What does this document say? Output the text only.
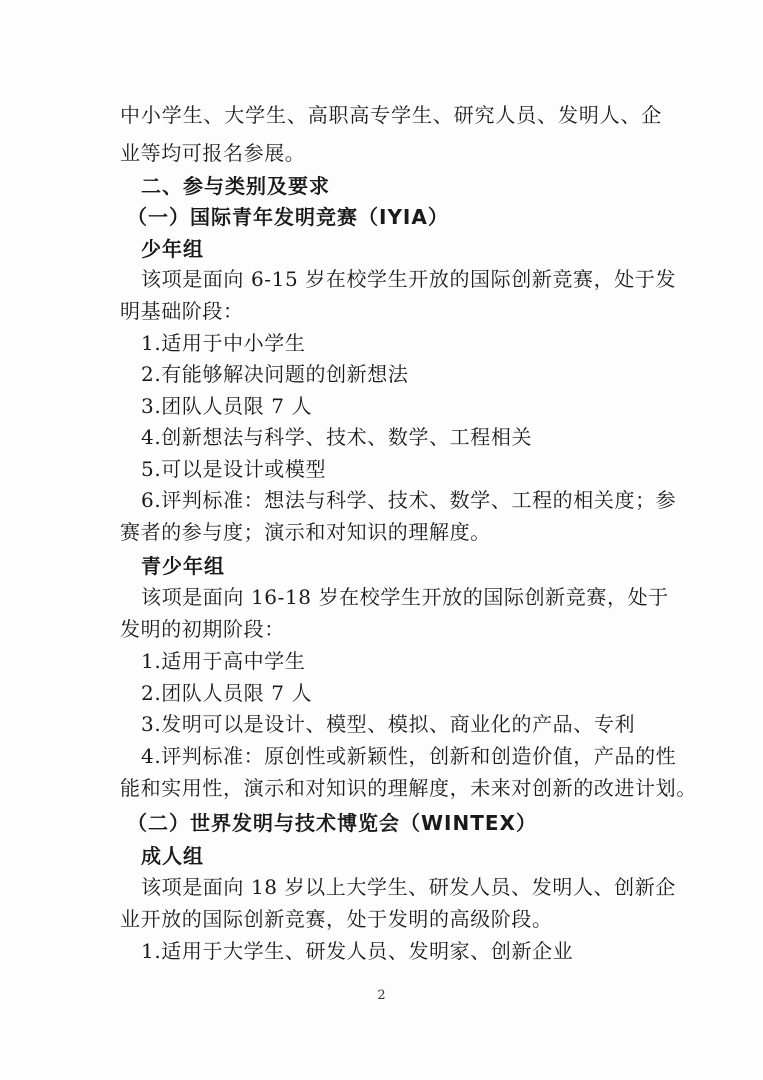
中小学生、大学生、高职高专学生、研究人员、发明人、企
业等均可报名参展。
二、参与类别及要求
（一）国际青年发明竞赛（IYIA）
少年组
该项是面向 6-15 岁在校学生开放的国际创新竞赛，处于发
明基础阶段：
1.适用于中小学生
2.有能够解决问题的创新想法
3.团队人员限 7 人
4.创新想法与科学、技术、数学、工程相关
5.可以是设计或模型
6.评判标准：想法与科学、技术、数学、工程的相关度；参
赛者的参与度；演示和对知识的理解度。
青少年组
该项是面向 16-18 岁在校学生开放的国际创新竞赛，处于
发明的初期阶段：
1.适用于高中学生
2.团队人员限 7 人
3.发明可以是设计、模型、模拟、商业化的产品、专利
4.评判标准：原创性或新颖性，创新和创造价值，产品的性
能和实用性，演示和对知识的理解度，未来对创新的改进计划。
（二）世界发明与技术博览会（WINTEX）
成人组
该项是面向 18 岁以上大学生、研发人员、发明人、创新企
业开放的国际创新竞赛，处于发明的高级阶段。
1.适用于大学生、研发人员、发明家、创新企业
2
